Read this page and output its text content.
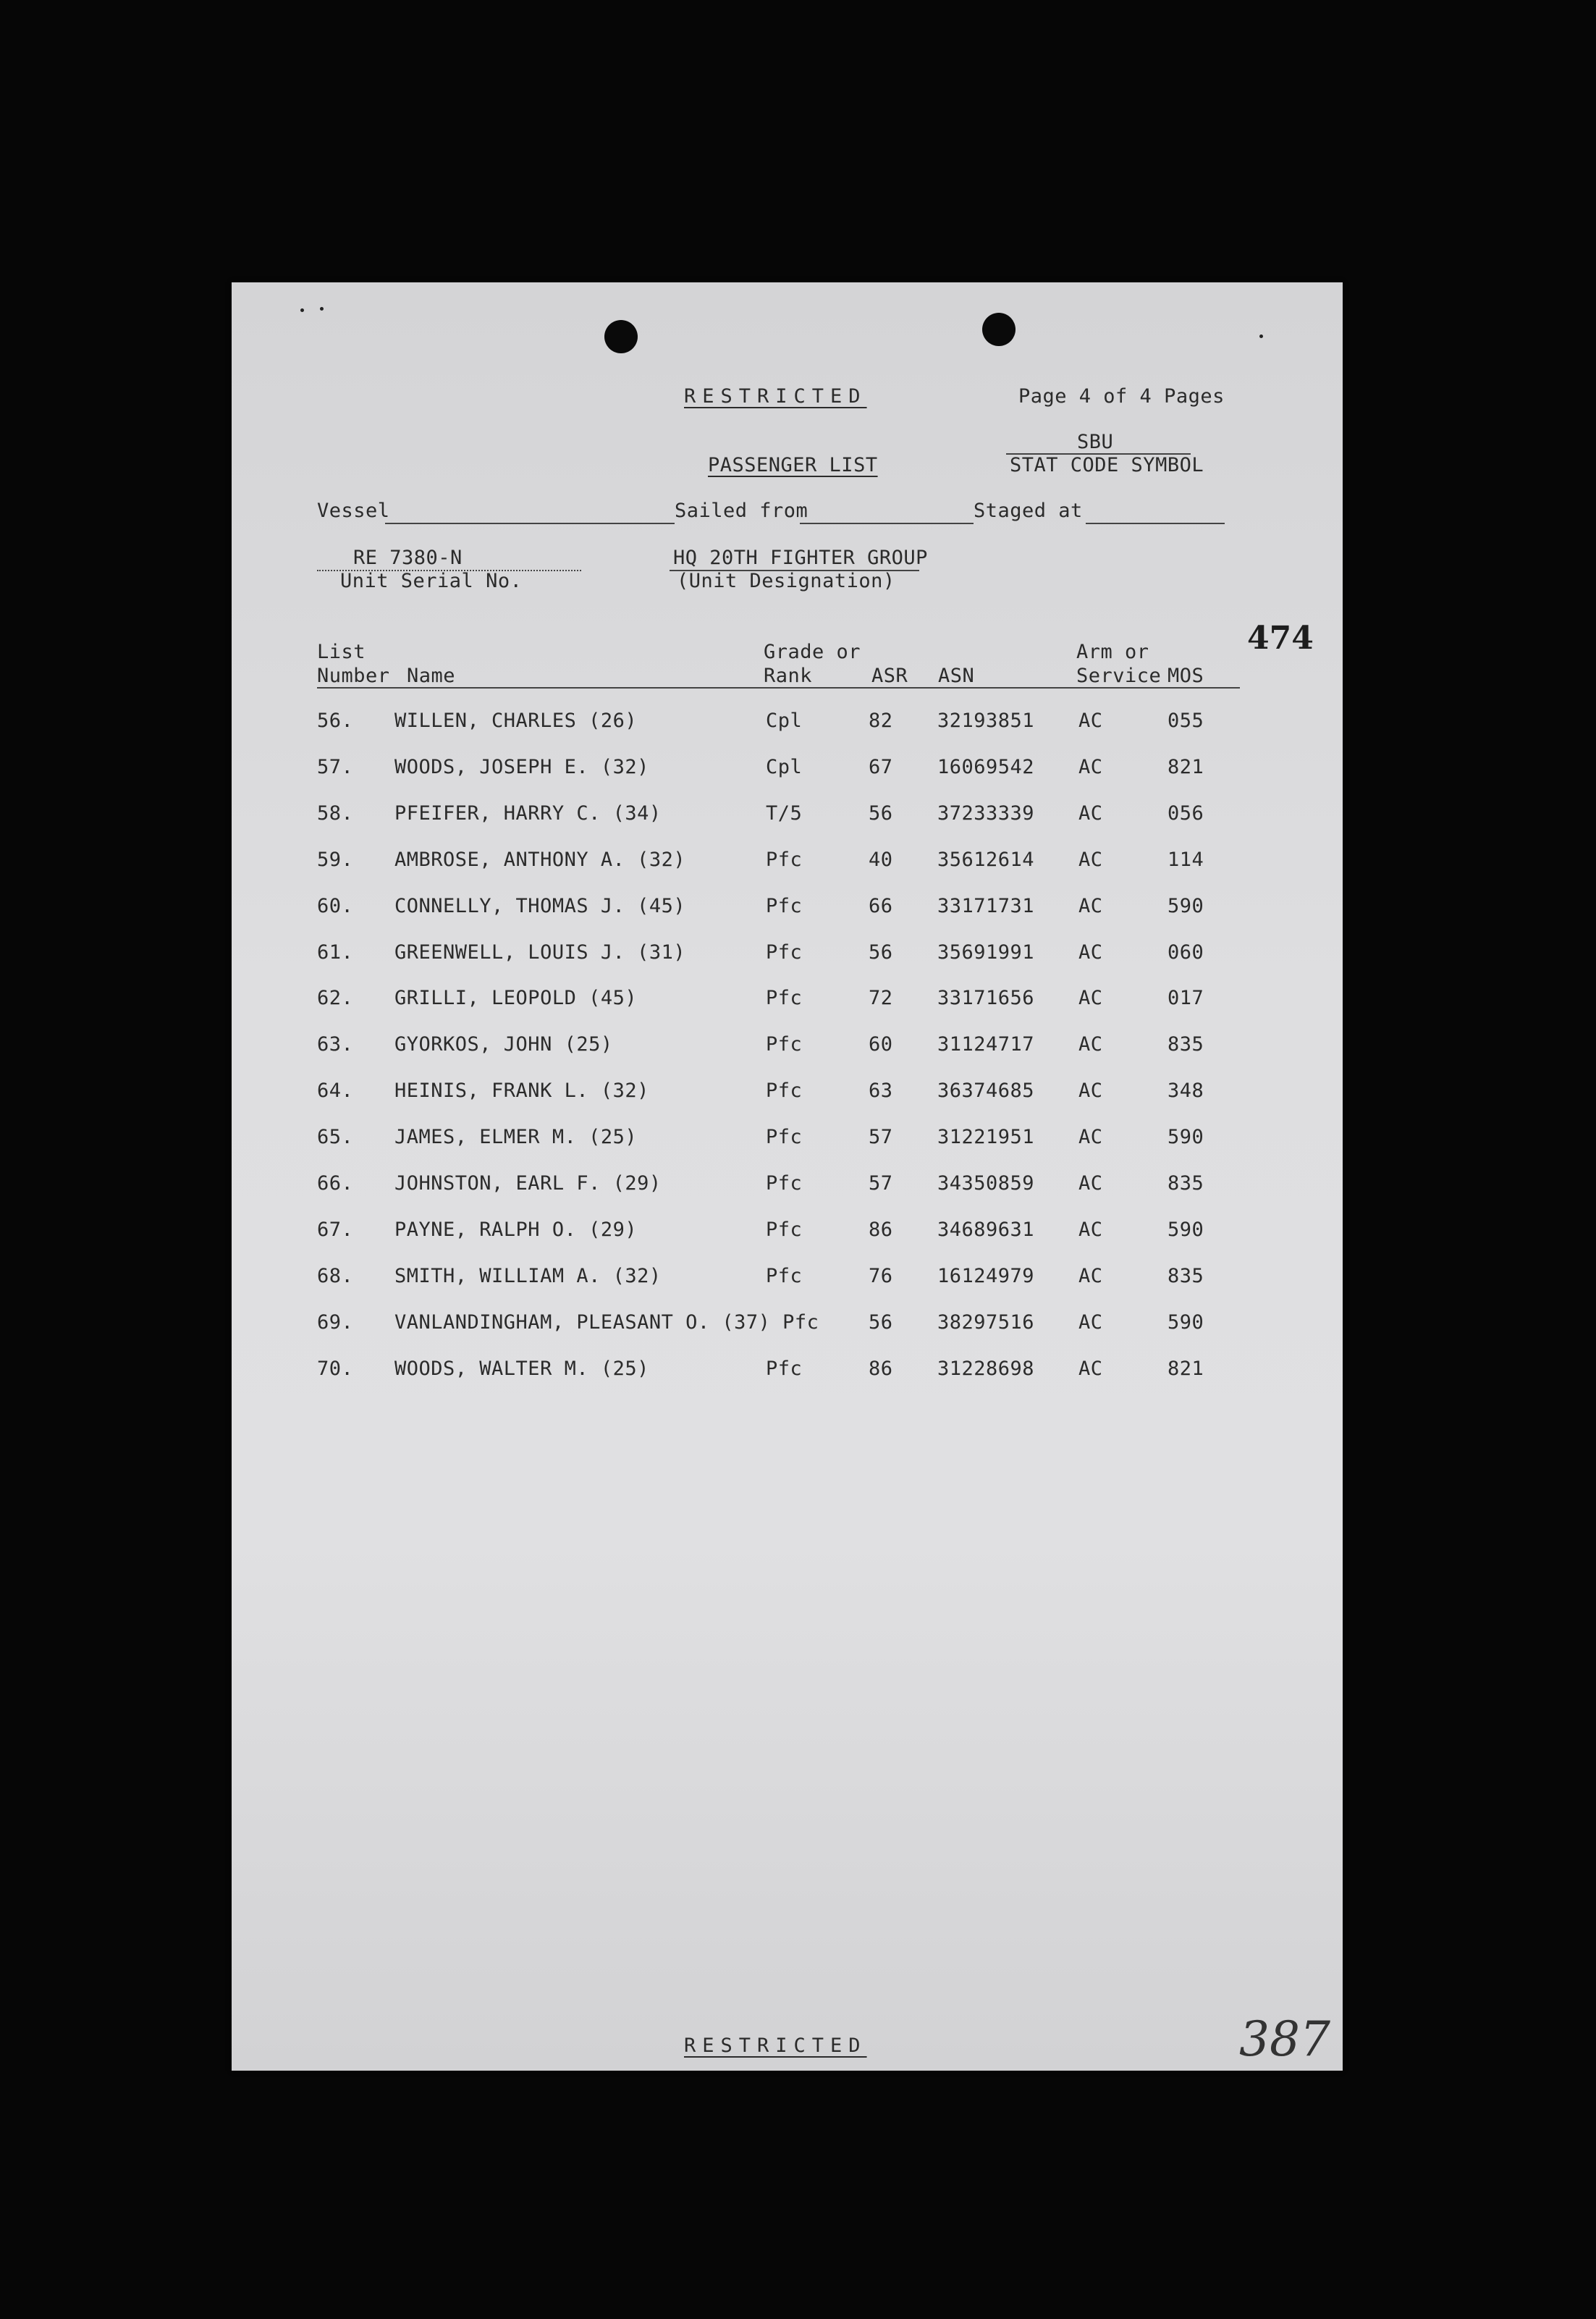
RESTRICTED	Page 4 of 4 Pages
SBU
STAT CODE SYMBOL
PASSENGER LIST
Vessel	Sailed from	Staged at
RE 7380-N
Unit Serial No.
HQ 20TH FIGHTER GROUP
(Unit Designation)
474
List
Number Name
Grade or
Rank	ASR ASN
Arm or
Service MOS
56. WILLEN, CHARLES (26)	Cpl	82 32193851 AC	055
57. WOODS, JOSEPH E. (32)	Cpl	67 16069542 AC	821
58. PFEIFER, HARRY C. (34)	T/5	56 37233339 AC	056
59. AMBROSE, ANTHONY A. (32)	Pfc	40 35612614 AC	114
60. CONNELLY, THOMAS J. (45)	Pfc	66 33171731 AC	590
61. GREENWELL, LOUIS J. (31)	Pfc	56 35691991 AC	060
62. GRILLI, LEOPOLD (45)	Pfc	72 33171656 AC	017
63. GYORKOS, JOHN (25)	Pfc	60 31124717 AC	835
64. HEINIS, FRANK L. (32)	Pfc	63 36374685 AC	348
65. JAMES, ELMER M. (25)	Pfc	57 31221951 AC	590
66. JOHNSTON, EARL F. (29)	Pfc	57 34350859 AC	835
67. PAYNE, RALPH O. (29)	Pfc	86 34689631 AC	590
68. SMITH, WILLIAM A. (32)	Pfc	76 16124979 AC	835
69. VANLANDINGHAM, PLEASANT O. (37) Pfc	56 38297516 AC	590
70. WOODS, WALTER M. (25)	Pfc	86 31228698 AC	821
387
RESTRICTED
